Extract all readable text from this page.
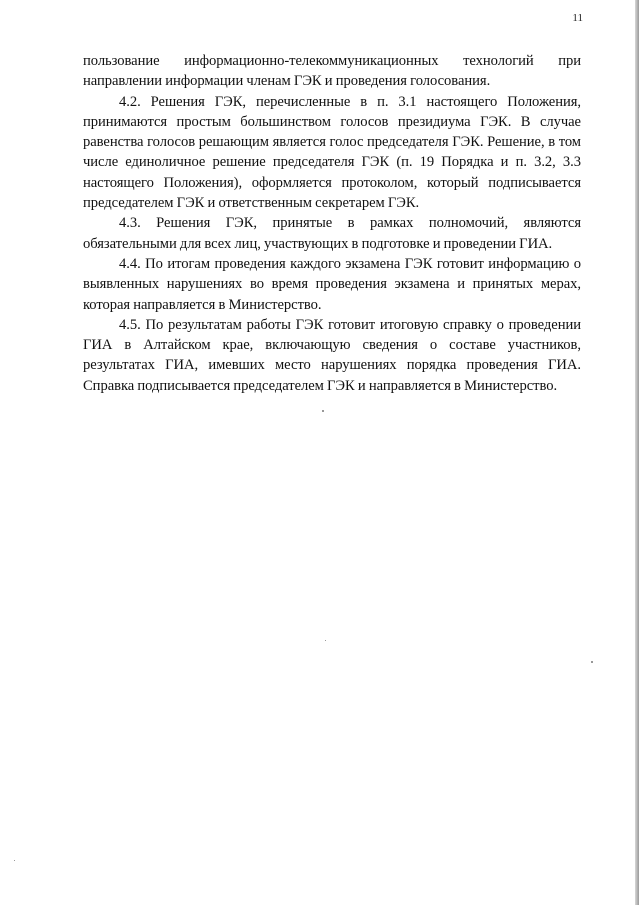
11

пользование информационно-телекоммуникационных технологий при направлении информации членам ГЭК и проведения голосования.

4.2. Решения ГЭК, перечисленные в п. 3.1 настоящего Положения, принимаются простым большинством голосов президиума ГЭК. В случае равенства голосов решающим является голос председателя ГЭК. Решение, в том числе единоличное решение председателя ГЭК (п. 19 Порядка и п. 3.2, 3.3 настоящего Положения), оформляется протоколом, который подписывается председателем ГЭК и ответственным секретарем ГЭК.

4.3. Решения ГЭК, принятые в рамках полномочий, являются обязательными для всех лиц, участвующих в подготовке и проведении ГИА.

4.4. По итогам проведения каждого экзамена ГЭК готовит информацию о выявленных нарушениях во время проведения экзамена и принятых мерах, которая направляется в Министерство.

4.5. По результатам работы ГЭК готовит итоговую справку о проведении ГИА в Алтайском крае, включающую сведения о составе участников, результатах ГИА, имевших место нарушениях порядка проведения ГИА. Справка подписывается председателем ГЭК и направляется в Министерство.
